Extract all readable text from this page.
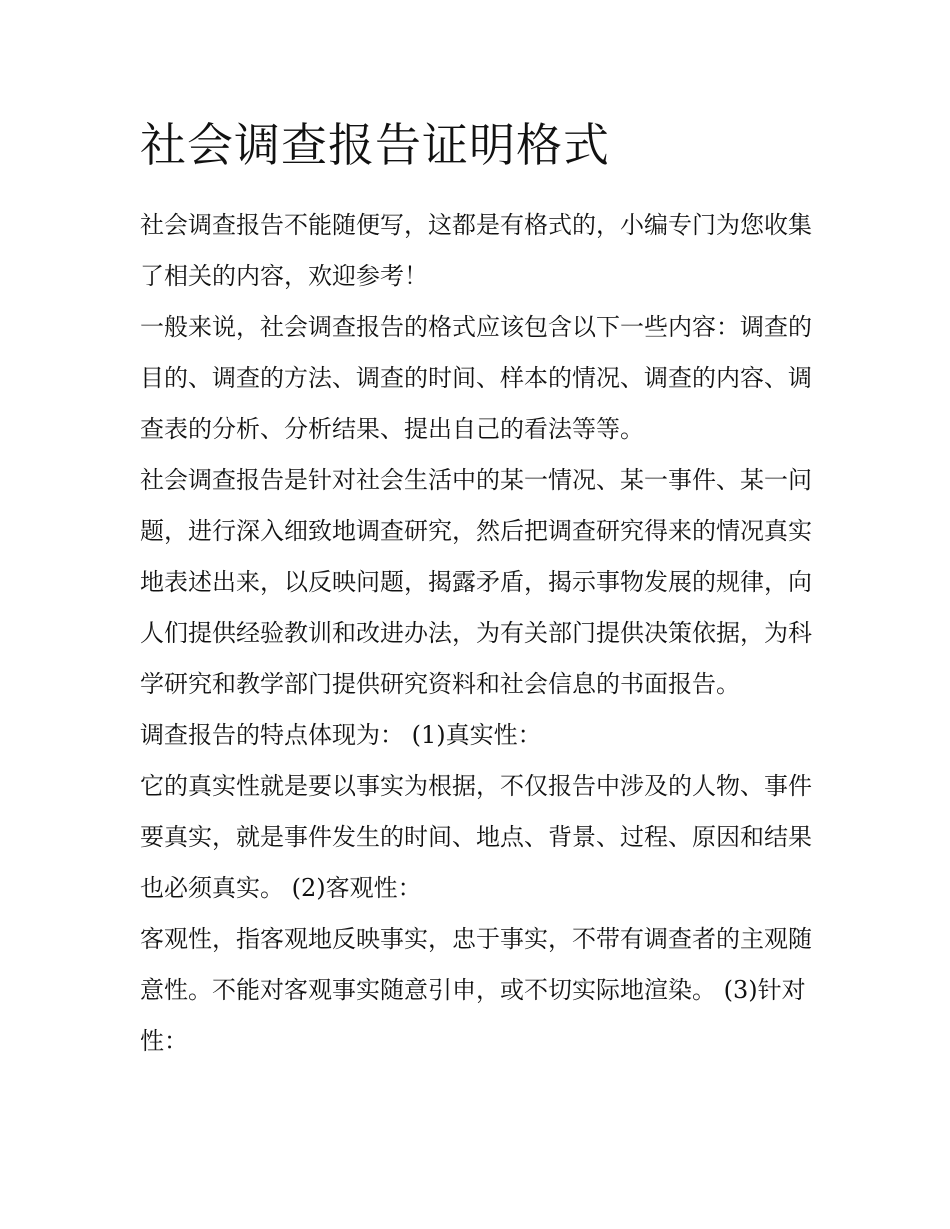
社会调查报告证明格式

社会调查报告不能随便写，这都是有格式的，小编专门为您收集了相关的内容，欢迎参考！

一般来说，社会调查报告的格式应该包含以下一些内容：调查的目的、调查的方法、调查的时间、样本的情况、调查的内容、调查表的分析、分析结果、提出自己的看法等等。

社会调查报告是针对社会生活中的某一情况、某一事件、某一问题，进行深入细致地调查研究，然后把调查研究得来的情况真实地表述出来，以反映问题，揭露矛盾，揭示事物发展的规律，向人们提供经验教训和改进办法，为有关部门提供决策依据，为科学研究和教学部门提供研究资料和社会信息的书面报告。

调查报告的特点体现为： (1)真实性：

它的真实性就是要以事实为根据，不仅报告中涉及的人物、事件要真实，就是事件发生的时间、地点、背景、过程、原因和结果也必须真实。 (2)客观性：

客观性，指客观地反映事实，忠于事实，不带有调查者的主观随意性。不能对客观事实随意引申，或不切实际地渲染。 (3)针对性：
